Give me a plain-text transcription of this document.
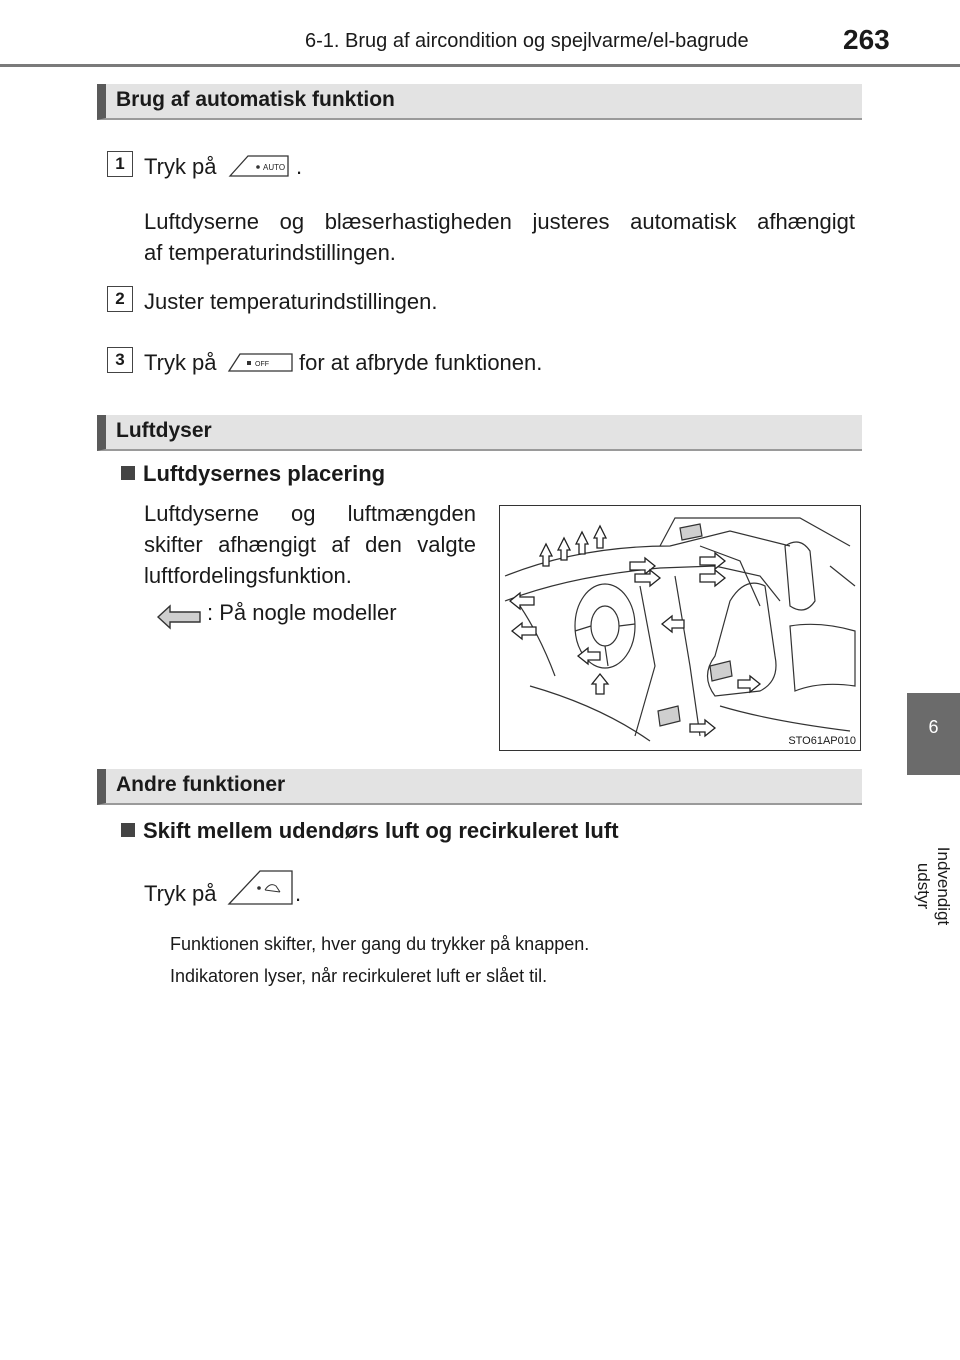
6-1. Brug af aircondition og spejlvarme/el-bagrude	263
Brug af automatisk funktion
1 Tryk på	AUTO .
Luftdyserne og blæserhastigheden justeres automatisk afhængigt
af temperaturindstillingen.
2 Juster temperaturindstillingen.
3 Tryk på	OFF for at afbryde funktionen.
Luftdyser
Luftdysernes placering
Luftdyserne og luftmængden
skifter afhængigt af den valgte
luftfordelingsfunktion.
: På nogle modeller
STO61AP010
Andre funktioner
Skift mellem udendørs luft og recirkuleret luft
Tryk på	.
Funktionen skifter, hver gang du trykker på knappen.
Indikatoren lyser, når recirkuleret luft er slået til.
6
Indvendigt udstyr
